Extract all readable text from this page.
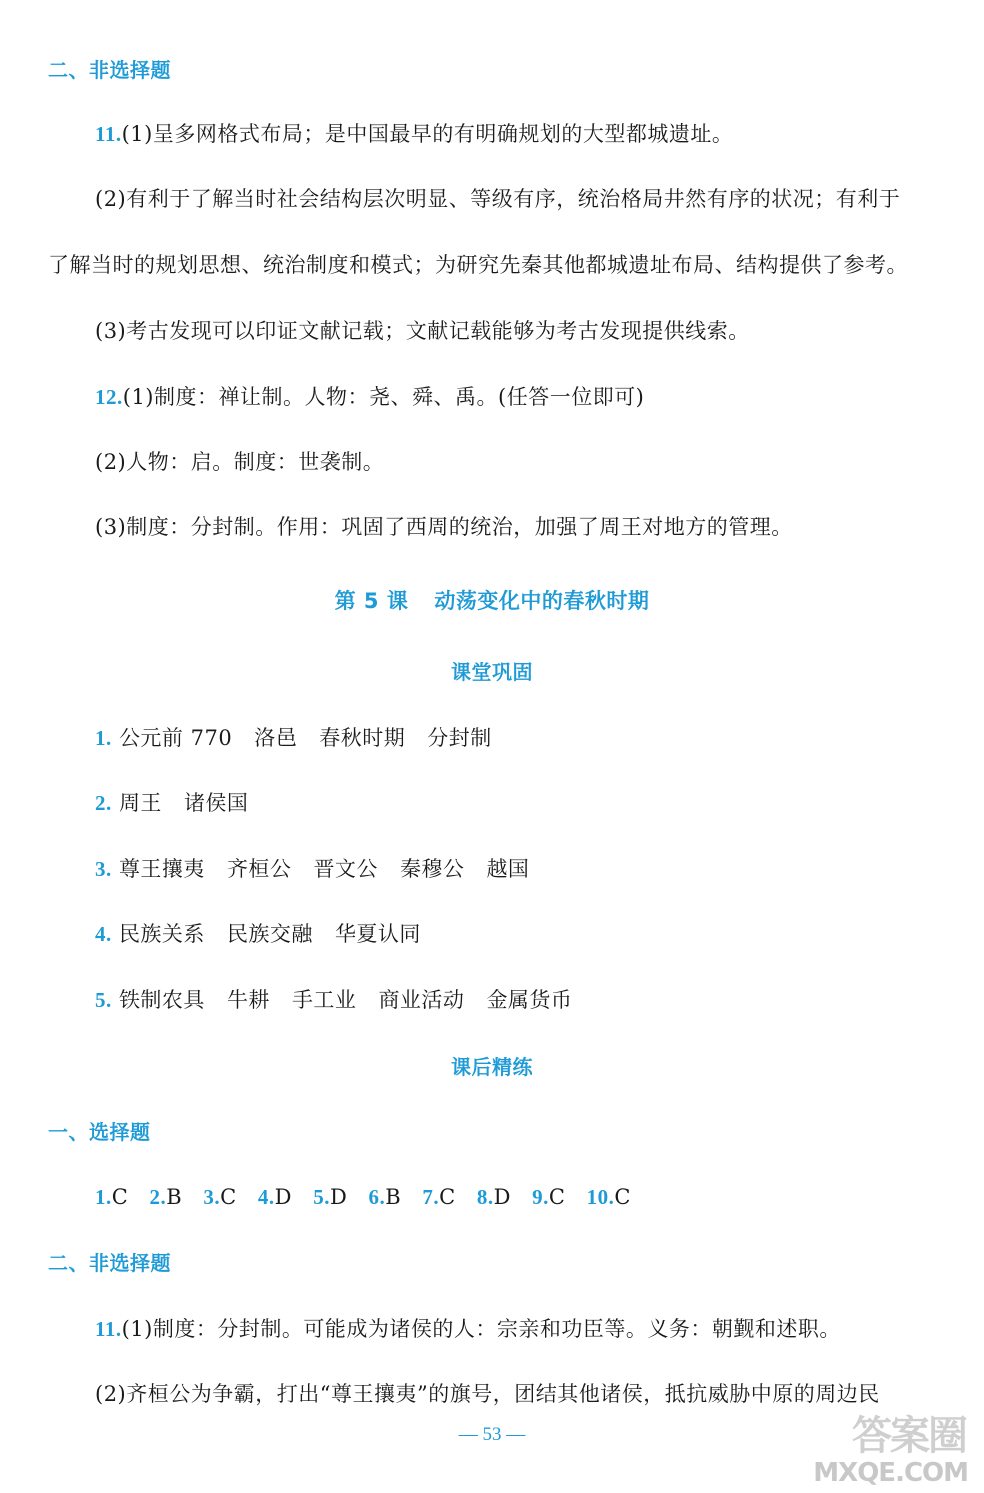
二、非选择题
11.(1)呈多网格式布局；是中国最早的有明确规划的大型都城遗址。
(2)有利于了解当时社会结构层次明显、等级有序，统治格局井然有序的状况；有利于
了解当时的规划思想、统治制度和模式；为研究先秦其他都城遗址布局、结构提供了参考。
(3)考古发现可以印证文献记载；文献记载能够为考古发现提供线索。
12.(1)制度：禅让制。人物：尧、舜、禹。(任答一位即可)
(2)人物：启。制度：世袭制。
(3)制度：分封制。作用：巩固了西周的统治，加强了周王对地方的管理。
第 5 课 动荡变化中的春秋时期
课堂巩固
1. 公元前 770 洛邑 春秋时期 分封制
2. 周王 诸侯国
3. 尊王攘夷 齐桓公 晋文公 秦穆公 越国
4. 民族关系 民族交融 华夏认同
5. 铁制农具 牛耕 手工业 商业活动 金属货币
课后精练
一、选择题
1.C 2.B 3.C 4.D 5.D 6.B 7.C 8.D 9.C 10.C
二、非选择题
11.(1)制度：分封制。可能成为诸侯的人：宗亲和功臣等。义务：朝觐和述职。
(2)齐桓公为争霸，打出“尊王攘夷”的旗号，团结其他诸侯，抵抗威胁中原的周边民
— 53 —	答案圈
MXQE.COM
